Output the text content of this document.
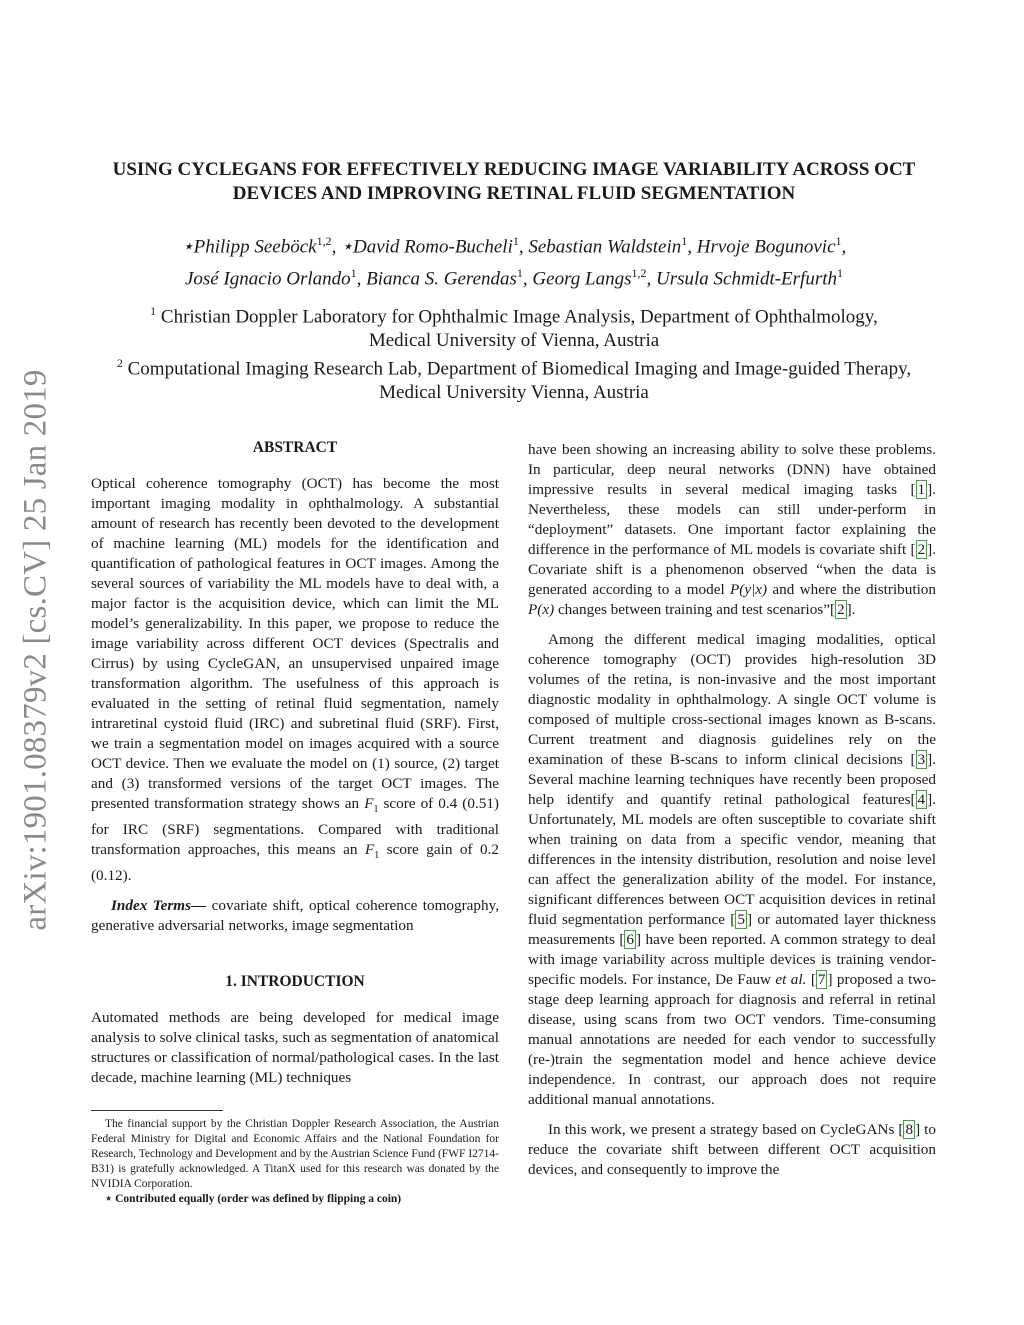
arXiv:1901.08379v2 [cs.CV] 25 Jan 2019
USING CYCLEGANS FOR EFFECTIVELY REDUCING IMAGE VARIABILITY ACROSS OCT
DEVICES AND IMPROVING RETINAL FLUID SEGMENTATION
⋆Philipp Seeböck$^{1,2}$, ⋆David Romo-Bucheli$^1$, Sebastian Waldstein$^1$, Hrvoje Bogunovic$^1$,
José Ignacio Orlando$^1$, Bianca S. Gerendas$^1$, Georg Langs$^{1,2}$, Ursula Schmidt-Erfurth$^1$
$^1$ Christian Doppler Laboratory for Ophthalmic Image Analysis, Department of Ophthalmology,
Medical University of Vienna, Austria
$^2$ Computational Imaging Research Lab, Department of Biomedical Imaging and Image-guided Therapy,
Medical University Vienna, Austria

ABSTRACT

Optical coherence tomography (OCT) has become the most important imaging modality in ophthalmology. A substantial amount of research has recently been devoted to the development of machine learning (ML) models for the identification and quantification of pathological features in OCT images. Among the several sources of variability the ML models have to deal with, a major factor is the acquisition device, which can limit the ML model’s generalizability. In this paper, we propose to reduce the image variability across different OCT devices (Spectralis and Cirrus) by using CycleGAN, an unsupervised unpaired image transformation algorithm. The usefulness of this approach is evaluated in the setting of retinal fluid segmentation, namely intraretinal cystoid fluid (IRC) and subretinal fluid (SRF). First, we train a segmentation model on images acquired with a source OCT device. Then we evaluate the model on (1) source, (2) target and (3) transformed versions of the target OCT images. The presented transformation strategy shows an $F_1$ score of 0.4 (0.51) for IRC (SRF) segmentations. Compared with traditional transformation approaches, this means an $F_1$ score gain of 0.2 (0.12).

Index Terms— covariate shift, optical coherence tomography, generative adversarial networks, image segmentation

1. INTRODUCTION

Automated methods are being developed for medical image analysis to solve clinical tasks, such as segmentation of anatomical structures or classification of normal/pathological cases. In the last decade, machine learning (ML) techniques

The financial support by the Christian Doppler Research Association, the Austrian Federal Ministry for Digital and Economic Affairs and the National Foundation for Research, Technology and Development and by the Austrian Science Fund (FWF I2714-B31) is gratefully acknowledged. A TitanX used for this research was donated by the NVIDIA Corporation.

⋆ Contributed equally (order was defined by flipping a coin)

have been showing an increasing ability to solve these problems. In particular, deep neural networks (DNN) have obtained impressive results in several medical imaging tasks [ 1 ]. Nevertheless, these models can still under-perform in “deployment” datasets. One important factor explaining the difference in the performance of ML models is covariate shift [ 2 ]. Covariate shift is a phenomenon observed “when the data is generated according to a model P(y|x) and where the distribution P(x) changes between training and test scenarios”[ 2 ].

Among the different medical imaging modalities, optical coherence tomography (OCT) provides high-resolution 3D volumes of the retina, is non-invasive and the most important diagnostic modality in ophthalmology. A single OCT volume is composed of multiple cross-sectional images known as B-scans. Current treatment and diagnosis guidelines rely on the examination of these B-scans to inform clinical decisions [ 3 ]. Several machine learning techniques have recently been proposed help identify and quantify retinal pathological features[ 4 ]. Unfortunately, ML models are often susceptible to covariate shift when training on data from a specific vendor, meaning that differences in the intensity distribution, resolution and noise level can affect the generalization ability of the model. For instance, significant differences between OCT acquisition devices in retinal fluid segmentation performance [ 5 ] or automated layer thickness measurements [ 6 ] have been reported. A common strategy to deal with image variability across multiple devices is training vendor-specific models. For instance, De Fauw et al. [ 7 ] proposed a two-stage deep learning approach for diagnosis and referral in retinal disease, using scans from two OCT vendors. Time-consuming manual annotations are needed for each vendor to successfully (re-)train the segmentation model and hence achieve device independence. In contrast, our approach does not require additional manual annotations.

In this work, we present a strategy based on CycleGANs [ 8 ] to reduce the covariate shift between different OCT acquisition devices, and consequently to improve the
